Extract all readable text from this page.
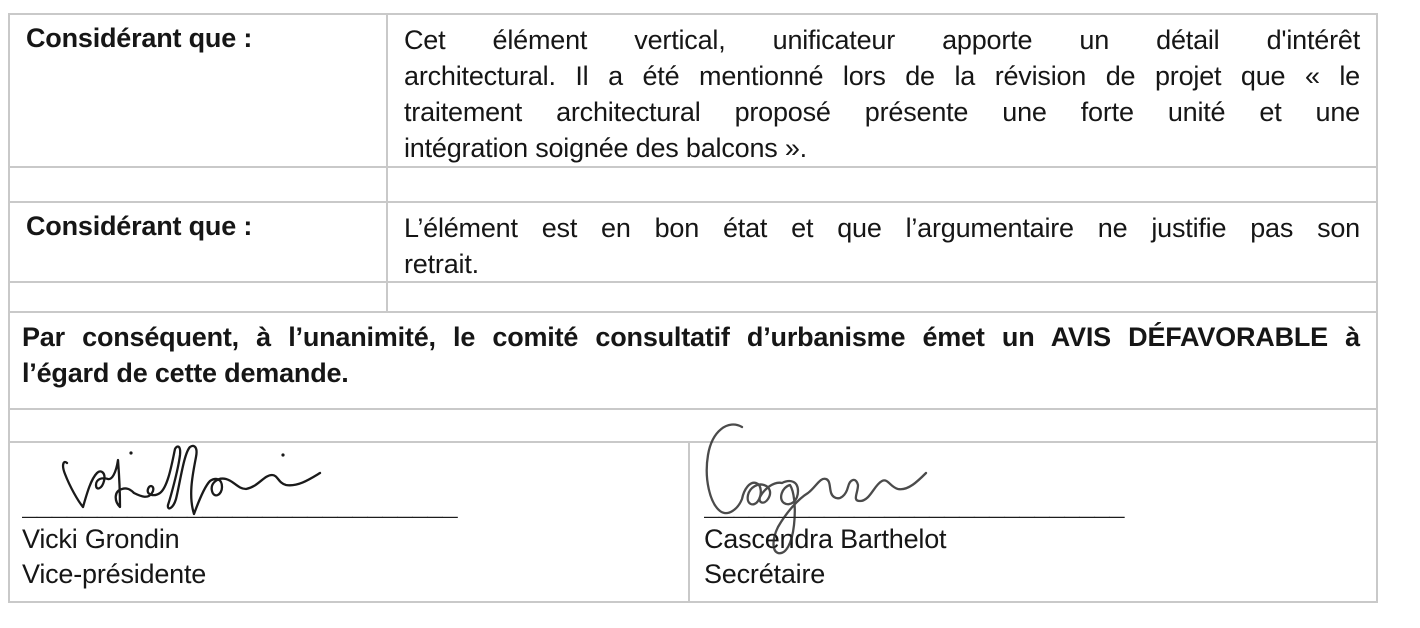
Considérant que :	Cet élément vertical, unificateur apporte un détail d'intérêt
architectural. Il a été mentionné lors de la révision de projet que « le
traitement architectural proposé présente une forte unité et une
intégration soignée des balcons ».
Considérant que :	L’élément est en bon état et que l’argumentaire ne justifie pas son
retrait.
Par conséquent, à l’unanimité, le comité consultatif d’urbanisme émet un AVIS DÉFAVORABLE à
l’égard de cette demande.
_____________________________
Vicki Grondin
Vice-présidente
____________________________
Cascendra Barthelot
Secrétaire
